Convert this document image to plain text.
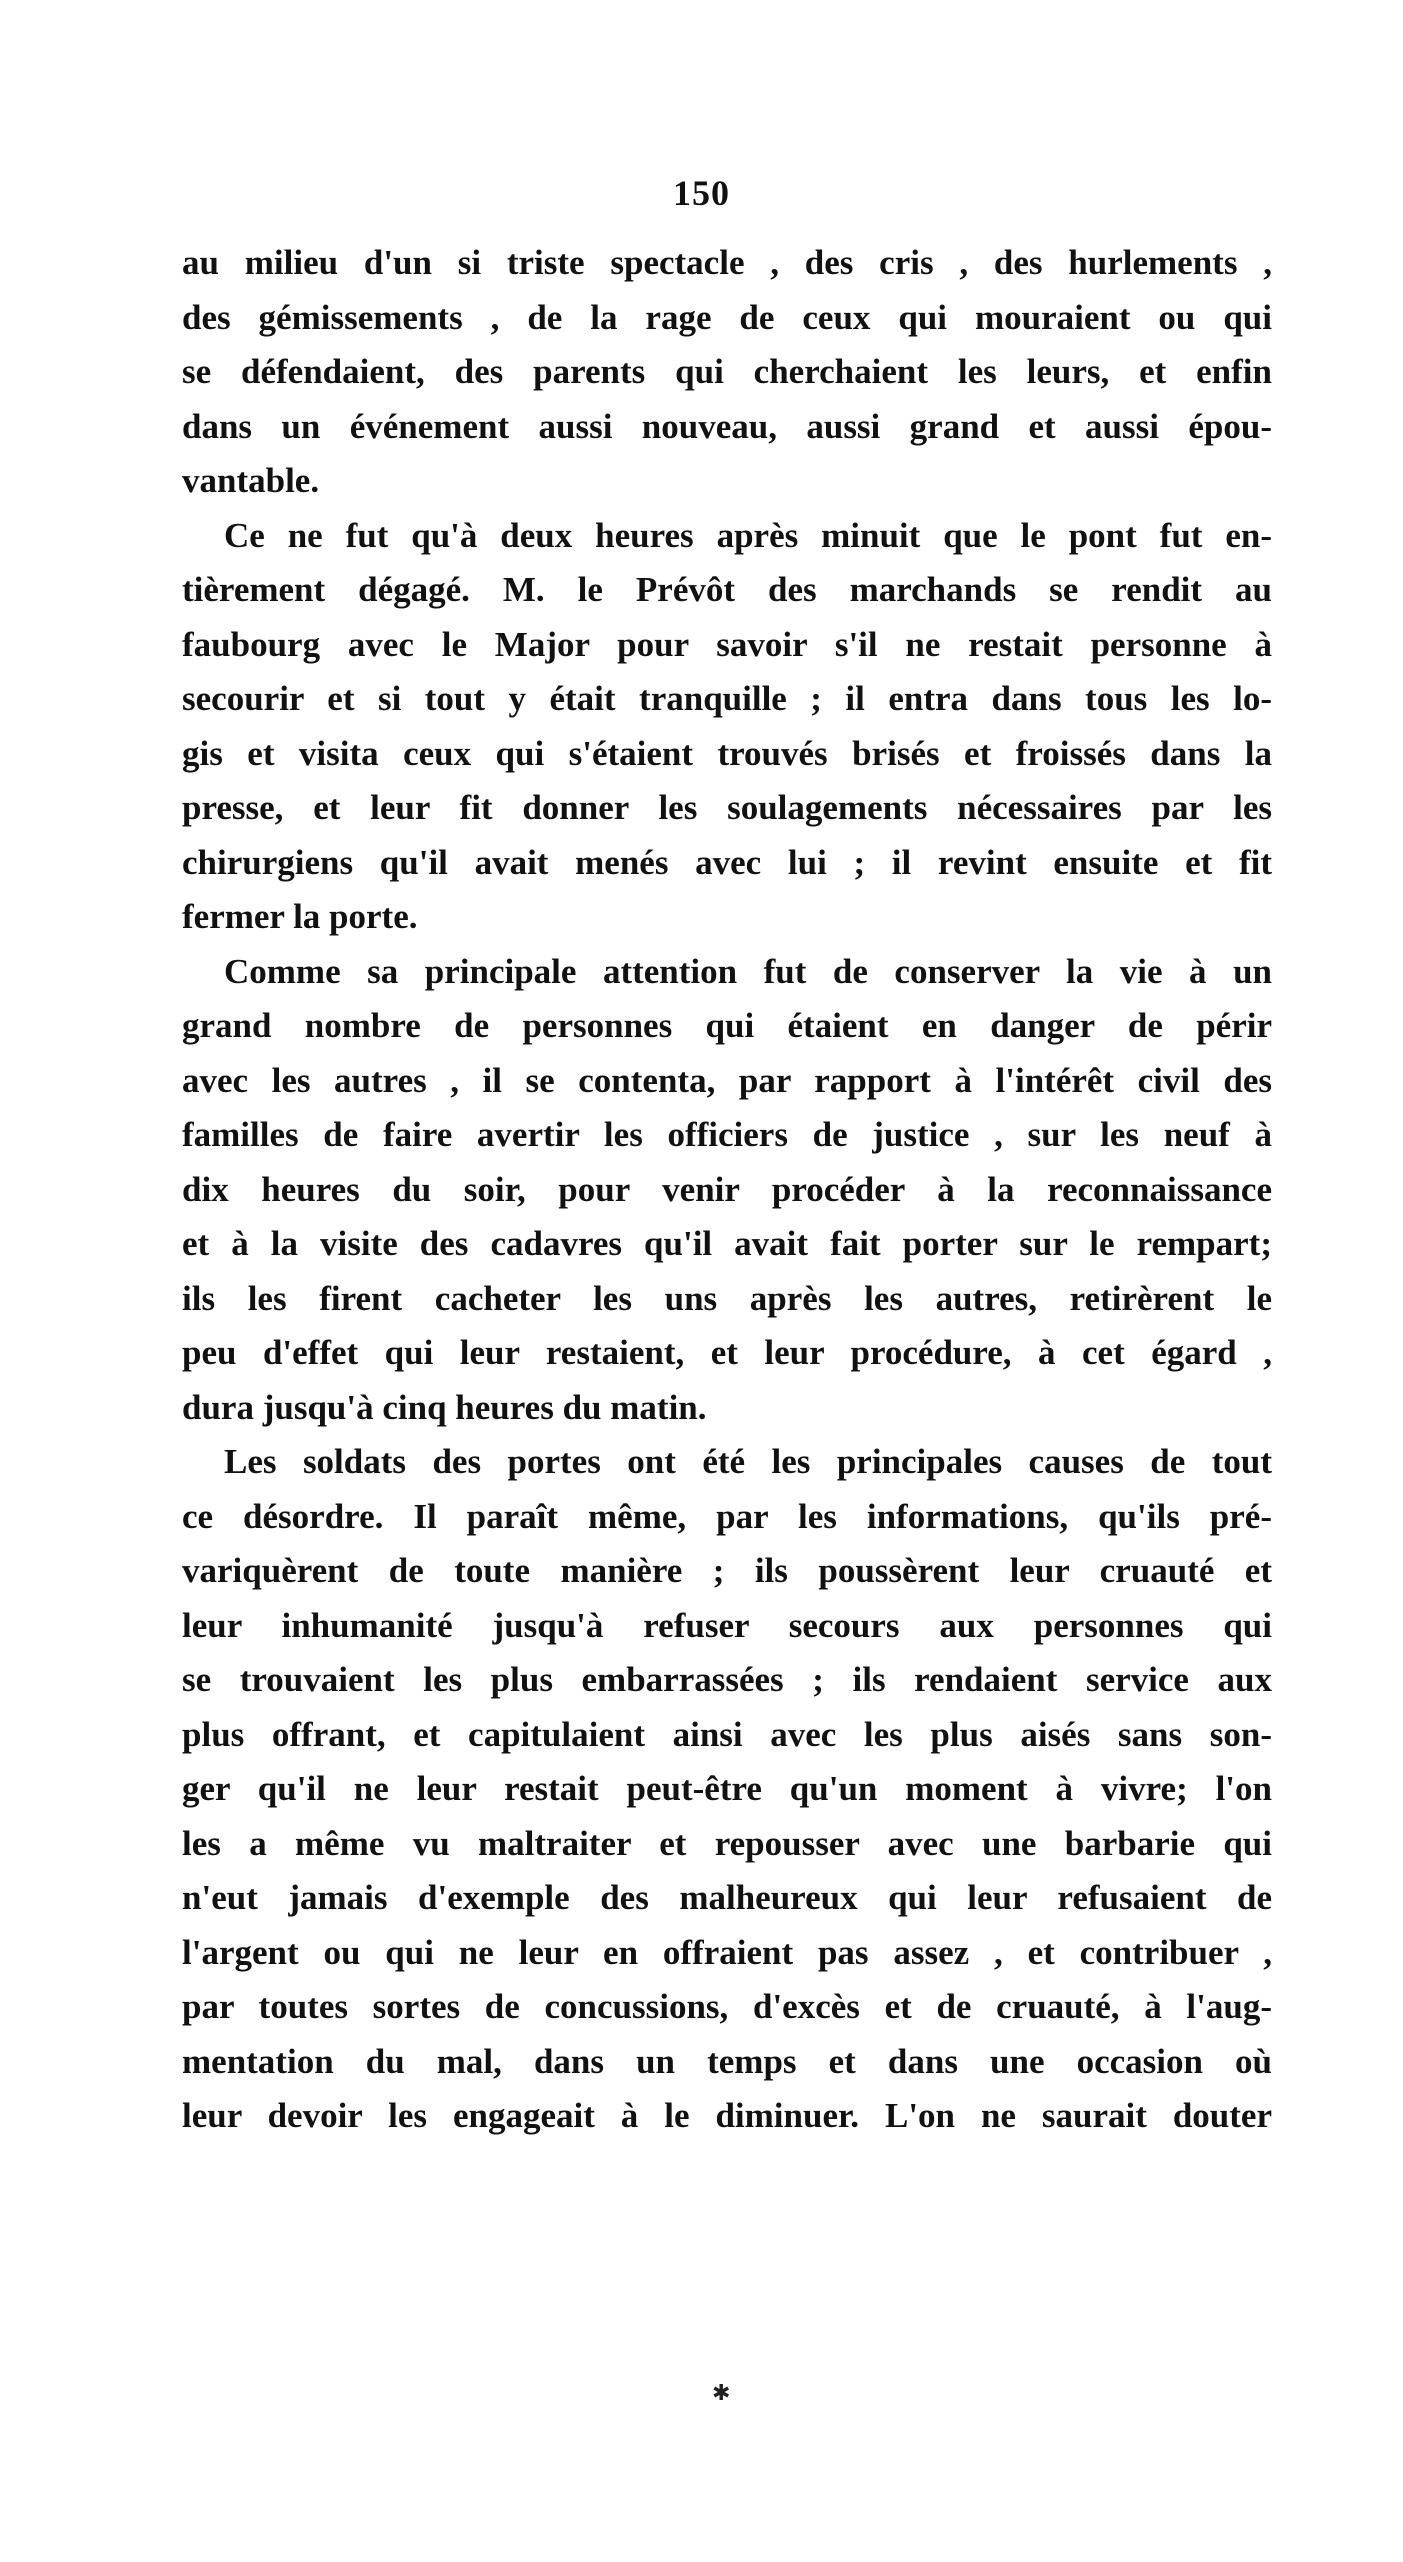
150
au milieu d'un si triste spectacle , des cris , des hurlements ,
des gémissements , de la rage de ceux qui mouraient ou qui
se défendaient, des parents qui cherchaient les leurs, et enfin
dans un événement aussi nouveau, aussi grand et aussi épou-
vantable.
Ce ne fut qu'à deux heures après minuit que le pont fut en-
tièrement dégagé. M. le Prévôt des marchands se rendit au
faubourg avec le Major pour savoir s'il ne restait personne à
secourir et si tout y était tranquille ; il entra dans tous les lo-
gis et visita ceux qui s'étaient trouvés brisés et froissés dans la
presse, et leur fit donner les soulagements nécessaires par les
chirurgiens qu'il avait menés avec lui ; il revint ensuite et fit
fermer la porte.
Comme sa principale attention fut de conserver la vie à un
grand nombre de personnes qui étaient en danger de périr
avec les autres , il se contenta, par rapport à l'intérêt civil des
familles de faire avertir les officiers de justice , sur les neuf à
dix heures du soir, pour venir procéder à la reconnaissance
et à la visite des cadavres qu'il avait fait porter sur le rempart;
ils les firent cacheter les uns après les autres, retirèrent le
peu d'effet qui leur restaient, et leur procédure, à cet égard ,
dura jusqu'à cinq heures du matin.
Les soldats des portes ont été les principales causes de tout
ce désordre. Il paraît même, par les informations, qu'ils pré-
variquèrent de toute manière ; ils poussèrent leur cruauté et
leur inhumanité jusqu'à refuser secours aux personnes qui
se trouvaient les plus embarrassées ; ils rendaient service aux
plus offrant, et capitulaient ainsi avec les plus aisés sans son-
ger qu'il ne leur restait peut-être qu'un moment à vivre; l'on
les a même vu maltraiter et repousser avec une barbarie qui
n'eut jamais d'exemple des malheureux qui leur refusaient de
l'argent ou qui ne leur en offraient pas assez , et contribuer ,
par toutes sortes de concussions, d'excès et de cruauté, à l'aug-
mentation du mal, dans un temps et dans une occasion où
leur devoir les engageait à le diminuer. L'on ne saurait douter
✱
